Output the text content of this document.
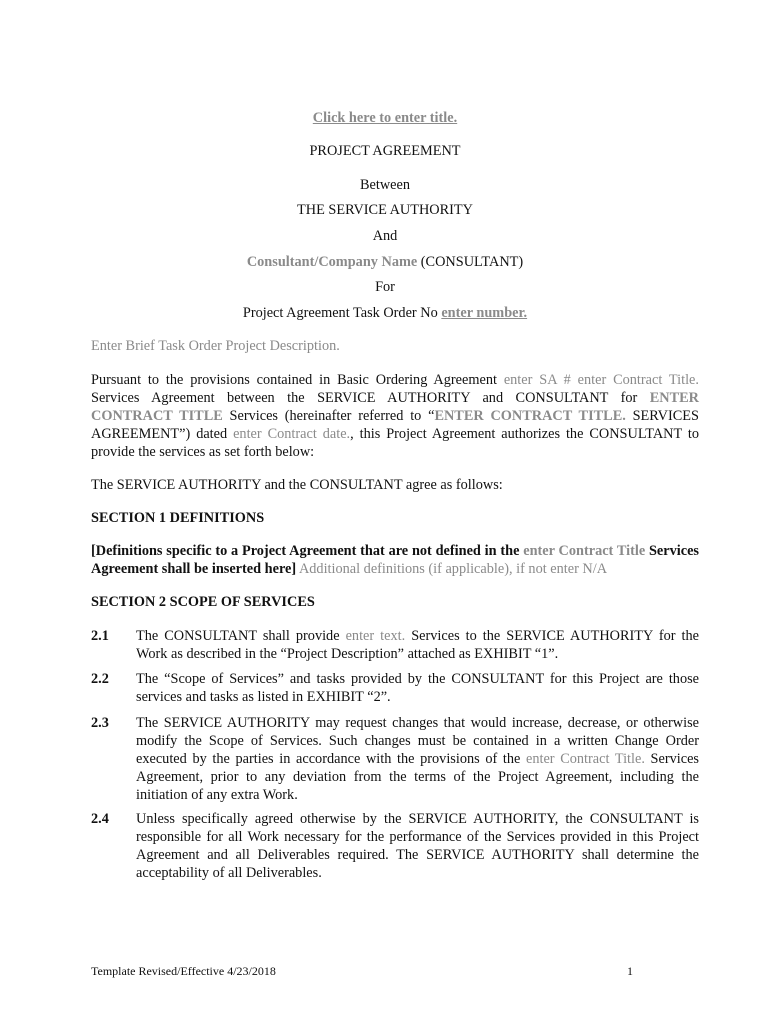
Click here to enter title.
PROJECT AGREEMENT
Between
THE SERVICE AUTHORITY
And
Consultant/Company Name (CONSULTANT)
For
Project Agreement Task Order No enter number.
Enter Brief Task Order Project Description.
Pursuant to the provisions contained in Basic Ordering Agreement enter SA # enter Contract Title. Services Agreement between the SERVICE AUTHORITY and CONSULTANT for ENTER CONTRACT TITLE Services (hereinafter referred to “ENTER CONTRACT TITLE. SERVICES AGREEMENT”) dated enter Contract date., this Project Agreement authorizes the CONSULTANT to provide the services as set forth below:
The SERVICE AUTHORITY and the CONSULTANT agree as follows:
SECTION 1 DEFINITIONS
[Definitions specific to a Project Agreement that are not defined in the enter Contract Title Services Agreement shall be inserted here] Additional definitions (if applicable), if not enter N/A
SECTION 2 SCOPE OF SERVICES
2.1 The CONSULTANT shall provide enter text. Services to the SERVICE AUTHORITY for the Work as described in the “Project Description” attached as EXHIBIT “1”.
2.2 The “Scope of Services” and tasks provided by the CONSULTANT for this Project are those services and tasks as listed in EXHIBIT “2”.
2.3 The SERVICE AUTHORITY may request changes that would increase, decrease, or otherwise modify the Scope of Services. Such changes must be contained in a written Change Order executed by the parties in accordance with the provisions of the enter Contract Title. Services Agreement, prior to any deviation from the terms of the Project Agreement, including the initiation of any extra Work.
2.4 Unless specifically agreed otherwise by the SERVICE AUTHORITY, the CONSULTANT is responsible for all Work necessary for the performance of the Services provided in this Project Agreement and all Deliverables required. The SERVICE AUTHORITY shall determine the acceptability of all Deliverables.
Template Revised/Effective 4/23/2018	1
